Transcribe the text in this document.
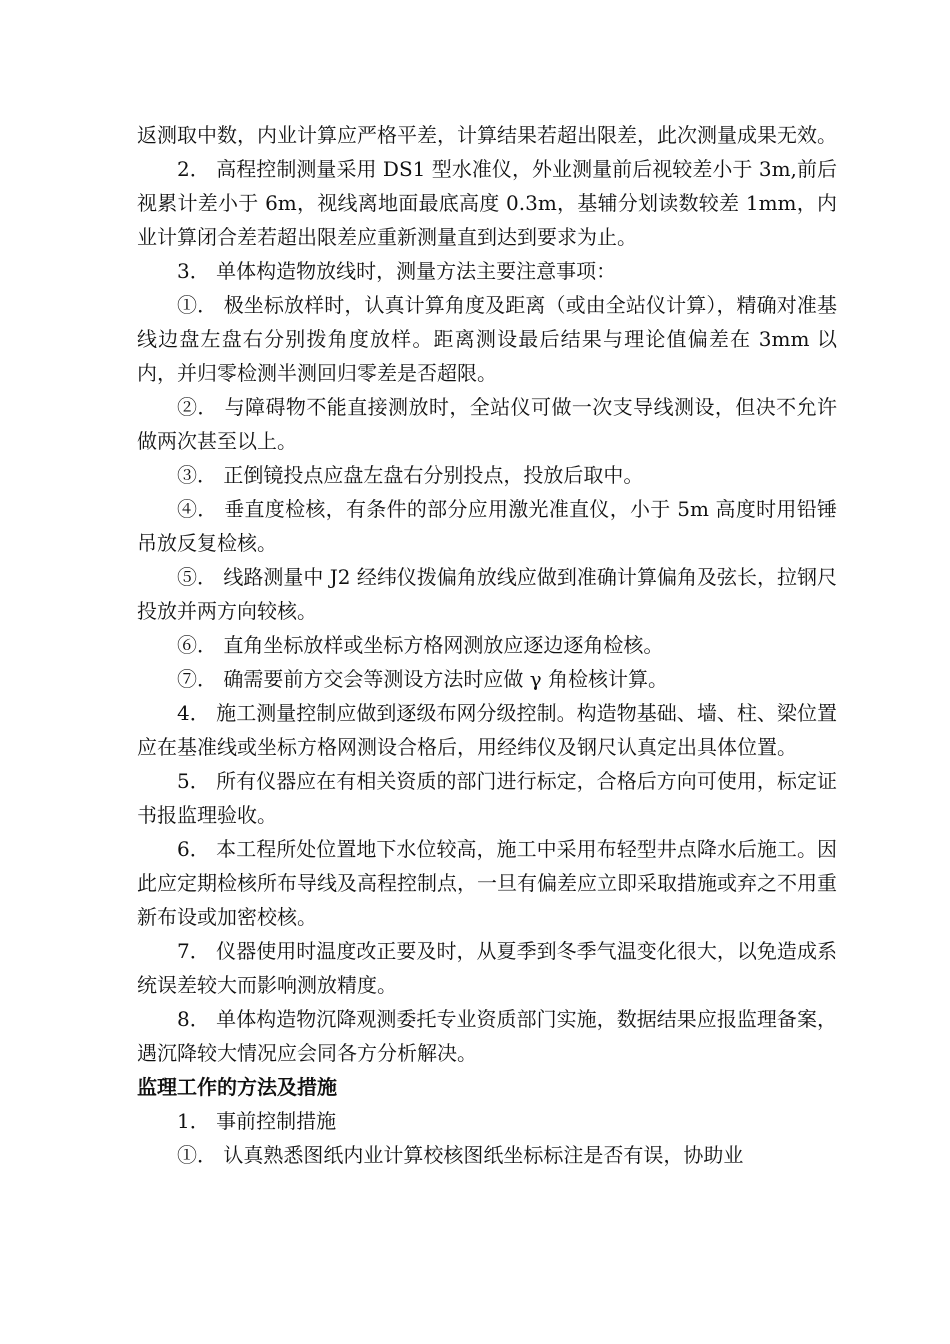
返测取中数，内业计算应严格平差，计算结果若超出限差，此次测量成果无效。

2． 高程控制测量采用 DS1 型水准仪，外业测量前后视较差小于 3m,前后视累计差小于 6m，视线离地面最底高度 0.3m，基辅分划读数较差 1mm，内业计算闭合差若超出限差应重新测量直到达到要求为止。

3． 单体构造物放线时，测量方法主要注意事项：

①． 极坐标放样时，认真计算角度及距离（或由全站仪计算），精确对准基线边盘左盘右分别拨角度放样。距离测设最后结果与理论值偏差在 3mm 以内，并归零检测半测回归零差是否超限。

②． 与障碍物不能直接测放时，全站仪可做一次支导线测设，但决不允许做两次甚至以上。

③． 正倒镜投点应盘左盘右分别投点，投放后取中。

④． 垂直度检核，有条件的部分应用激光准直仪，小于 5m 高度时用铅锤吊放反复检核。

⑤． 线路测量中 J2 经纬仪拨偏角放线应做到准确计算偏角及弦长，拉钢尺投放并两方向较核。

⑥． 直角坐标放样或坐标方格网测放应逐边逐角检核。

⑦． 确需要前方交会等测设方法时应做 γ 角检核计算。

4． 施工测量控制应做到逐级布网分级控制。构造物基础、墙、柱、梁位置应在基准线或坐标方格网测设合格后，用经纬仪及钢尺认真定出具体位置。

5． 所有仪器应在有相关资质的部门进行标定，合格后方向可使用，标定证书报监理验收。

6． 本工程所处位置地下水位较高，施工中采用布轻型井点降水后施工。因此应定期检核所布导线及高程控制点，一旦有偏差应立即采取措施或弃之不用重新布设或加密校核。

7． 仪器使用时温度改正要及时，从夏季到冬季气温变化很大，以免造成系统误差较大而影响测放精度。

8． 单体构造物沉降观测委托专业资质部门实施，数据结果应报监理备案，遇沉降较大情况应会同各方分析解决。

监理工作的方法及措施

1． 事前控制措施

①． 认真熟悉图纸内业计算校核图纸坐标标注是否有误，协助业
